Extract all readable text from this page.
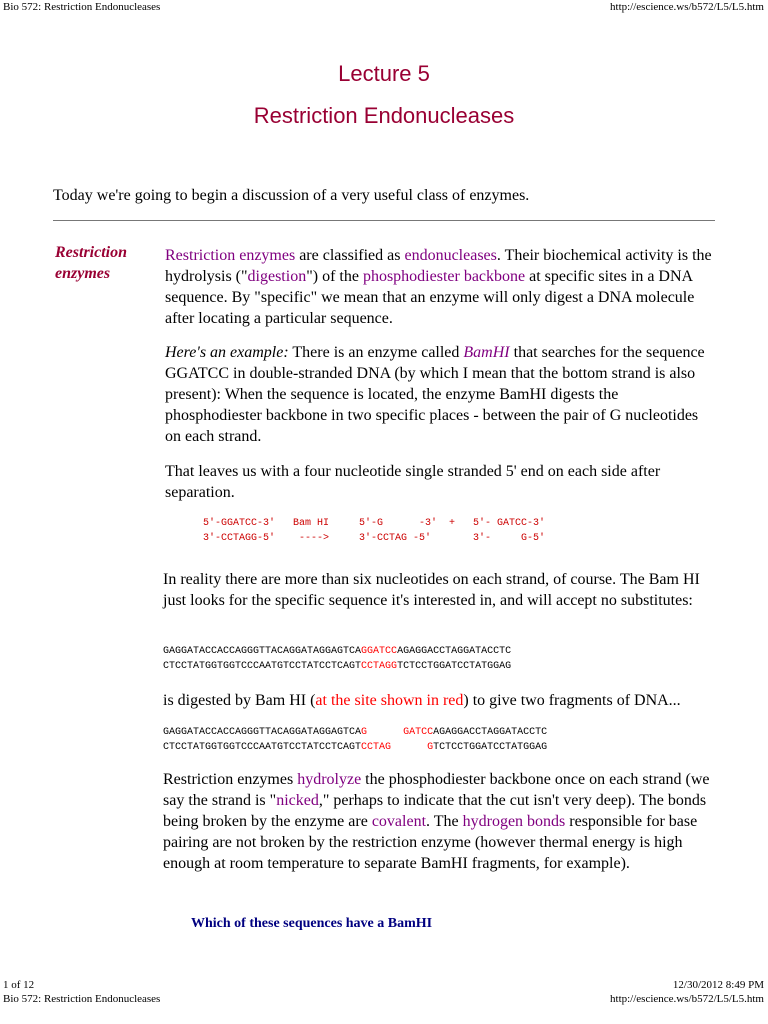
Bio 572: Restriction Endonucleases	http://escience.ws/b572/L5/L5.htm
Lecture 5
Restriction Endonucleases
Today we're going to begin a discussion of a very useful class of enzymes.
Restriction enzymes
Restriction enzymes are classified as endonucleases. Their biochemical activity is the hydrolysis ("digestion") of the phosphodiester backbone at specific sites in a DNA sequence. By "specific" we mean that an enzyme will only digest a DNA molecule after locating a particular sequence.
Here's an example: There is an enzyme called BamHI that searches for the sequence GGATCC in double-stranded DNA (by which I mean that the bottom strand is also present): When the sequence is located, the enzyme BamHI digests the phosphodiester backbone in two specific places - between the pair of G nucleotides on each strand.
That leaves us with a four nucleotide single stranded 5' end on each side after separation.
5'-GGATCC-3'   Bam HI     5'-G      -3'  +   5'- GATCC-3'
3'-CCTAGG-5'    ---->     3'-CCTAG -5'       3'-     G-5'
In reality there are more than six nucleotides on each strand, of course. The Bam HI just looks for the specific sequence it's interested in, and will accept no substitutes:
GAGGATACCACCAGGGTTACAGGATAGGAGTCAGGATCCAGAGGACCTAGGATACCTC
CTCCTATGGTGGTCCCAATGTCCTATCCTCAGTCCTAGGTCTCCTGGATCCTATGGAG
is digested by Bam HI (at the site shown in red) to give two fragments of DNA...
GAGGATACCACCAGGGTTACAGGATAGGAGTCAG	GATCCAGAGGACCTAGGATACCTC
CTCCTATGGTGGTCCCAATGTCCTATCCTCAGTCCTAG	GTCTCCTGGATCCTATGGAG
Restriction enzymes hydrolyze the phosphodiester backbone once on each strand (we say the strand is "nicked," perhaps to indicate that the cut isn't very deep). The bonds being broken by the enzyme are covalent. The hydrogen bonds responsible for base pairing are not broken by the restriction enzyme (however thermal energy is high enough at room temperature to separate BamHI fragments, for example).
Which of these sequences have a BamHI
1 of 12	12/30/2012 8:49 PM
Bio 572: Restriction Endonucleases	http://escience.ws/b572/L5/L5.htm
